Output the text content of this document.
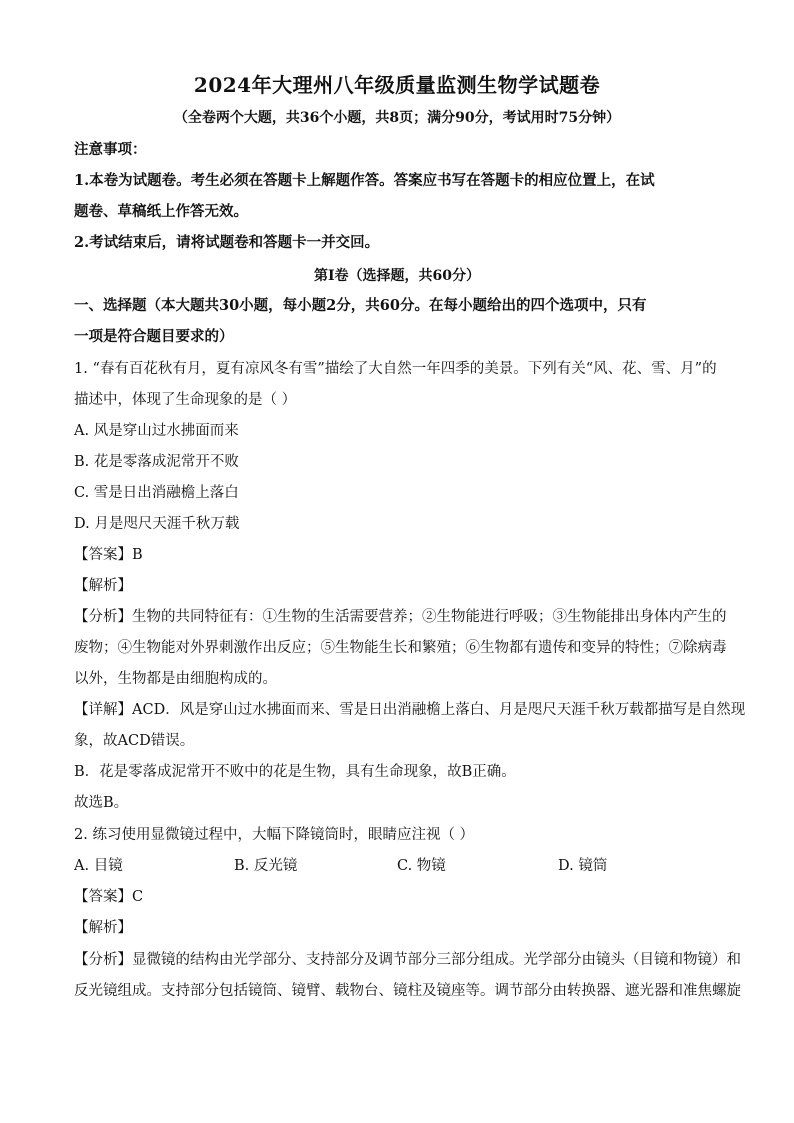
2024年大理州八年级质量监测生物学试题卷
（全卷两个大题，共36个小题，共8页；满分90分，考试用时75分钟）
注意事项：
1.本卷为试题卷。考生必须在答题卡上解题作答。答案应书写在答题卡的相应位置上，在试
题卷、草稿纸上作答无效。
2.考试结束后，请将试题卷和答题卡一并交回。
第Ⅰ卷（选择题，共60分）
一、选择题（本大题共30小题，每小题2分，共60分。在每小题给出的四个选项中，只有
一项是符合题目要求的）
1. “春有百花秋有月，夏有凉风冬有雪”描绘了大自然一年四季的美景。下列有关“风、花、雪、月”的
描述中，体现了生命现象的是（ ）
A. 风是穿山过水拂面而来
B. 花是零落成泥常开不败
C. 雪是日出消融檐上落白
D. 月是咫尺天涯千秋万载
【答案】B
【解析】
【分析】生物的共同特征有：①生物的生活需要营养；②生物能进行呼吸；③生物能排出身体内产生的
废物；④生物能对外界刺激作出反应；⑤生物能生长和繁殖；⑥生物都有遗传和变异的特性；⑦除病毒
以外，生物都是由细胞构成的。
【详解】ACD．风是穿山过水拂面而来、雪是日出消融檐上落白、月是咫尺天涯千秋万载都描写是自然现
象，故ACD错误。
B．花是零落成泥常开不败中的花是生物，具有生命现象，故B正确。
故选B。
2. 练习使用显微镜过程中，大幅下降镜筒时，眼睛应注视（ ）
A. 目镜	B. 反光镜	C. 物镜	D. 镜筒
【答案】C
【解析】
【分析】显微镜的结构由光学部分、支持部分及调节部分三部分组成。光学部分由镜头（目镜和物镜）和
反光镜组成。支持部分包括镜筒、镜臂、载物台、镜柱及镜座等。调节部分由转换器、遮光器和准焦螺旋
